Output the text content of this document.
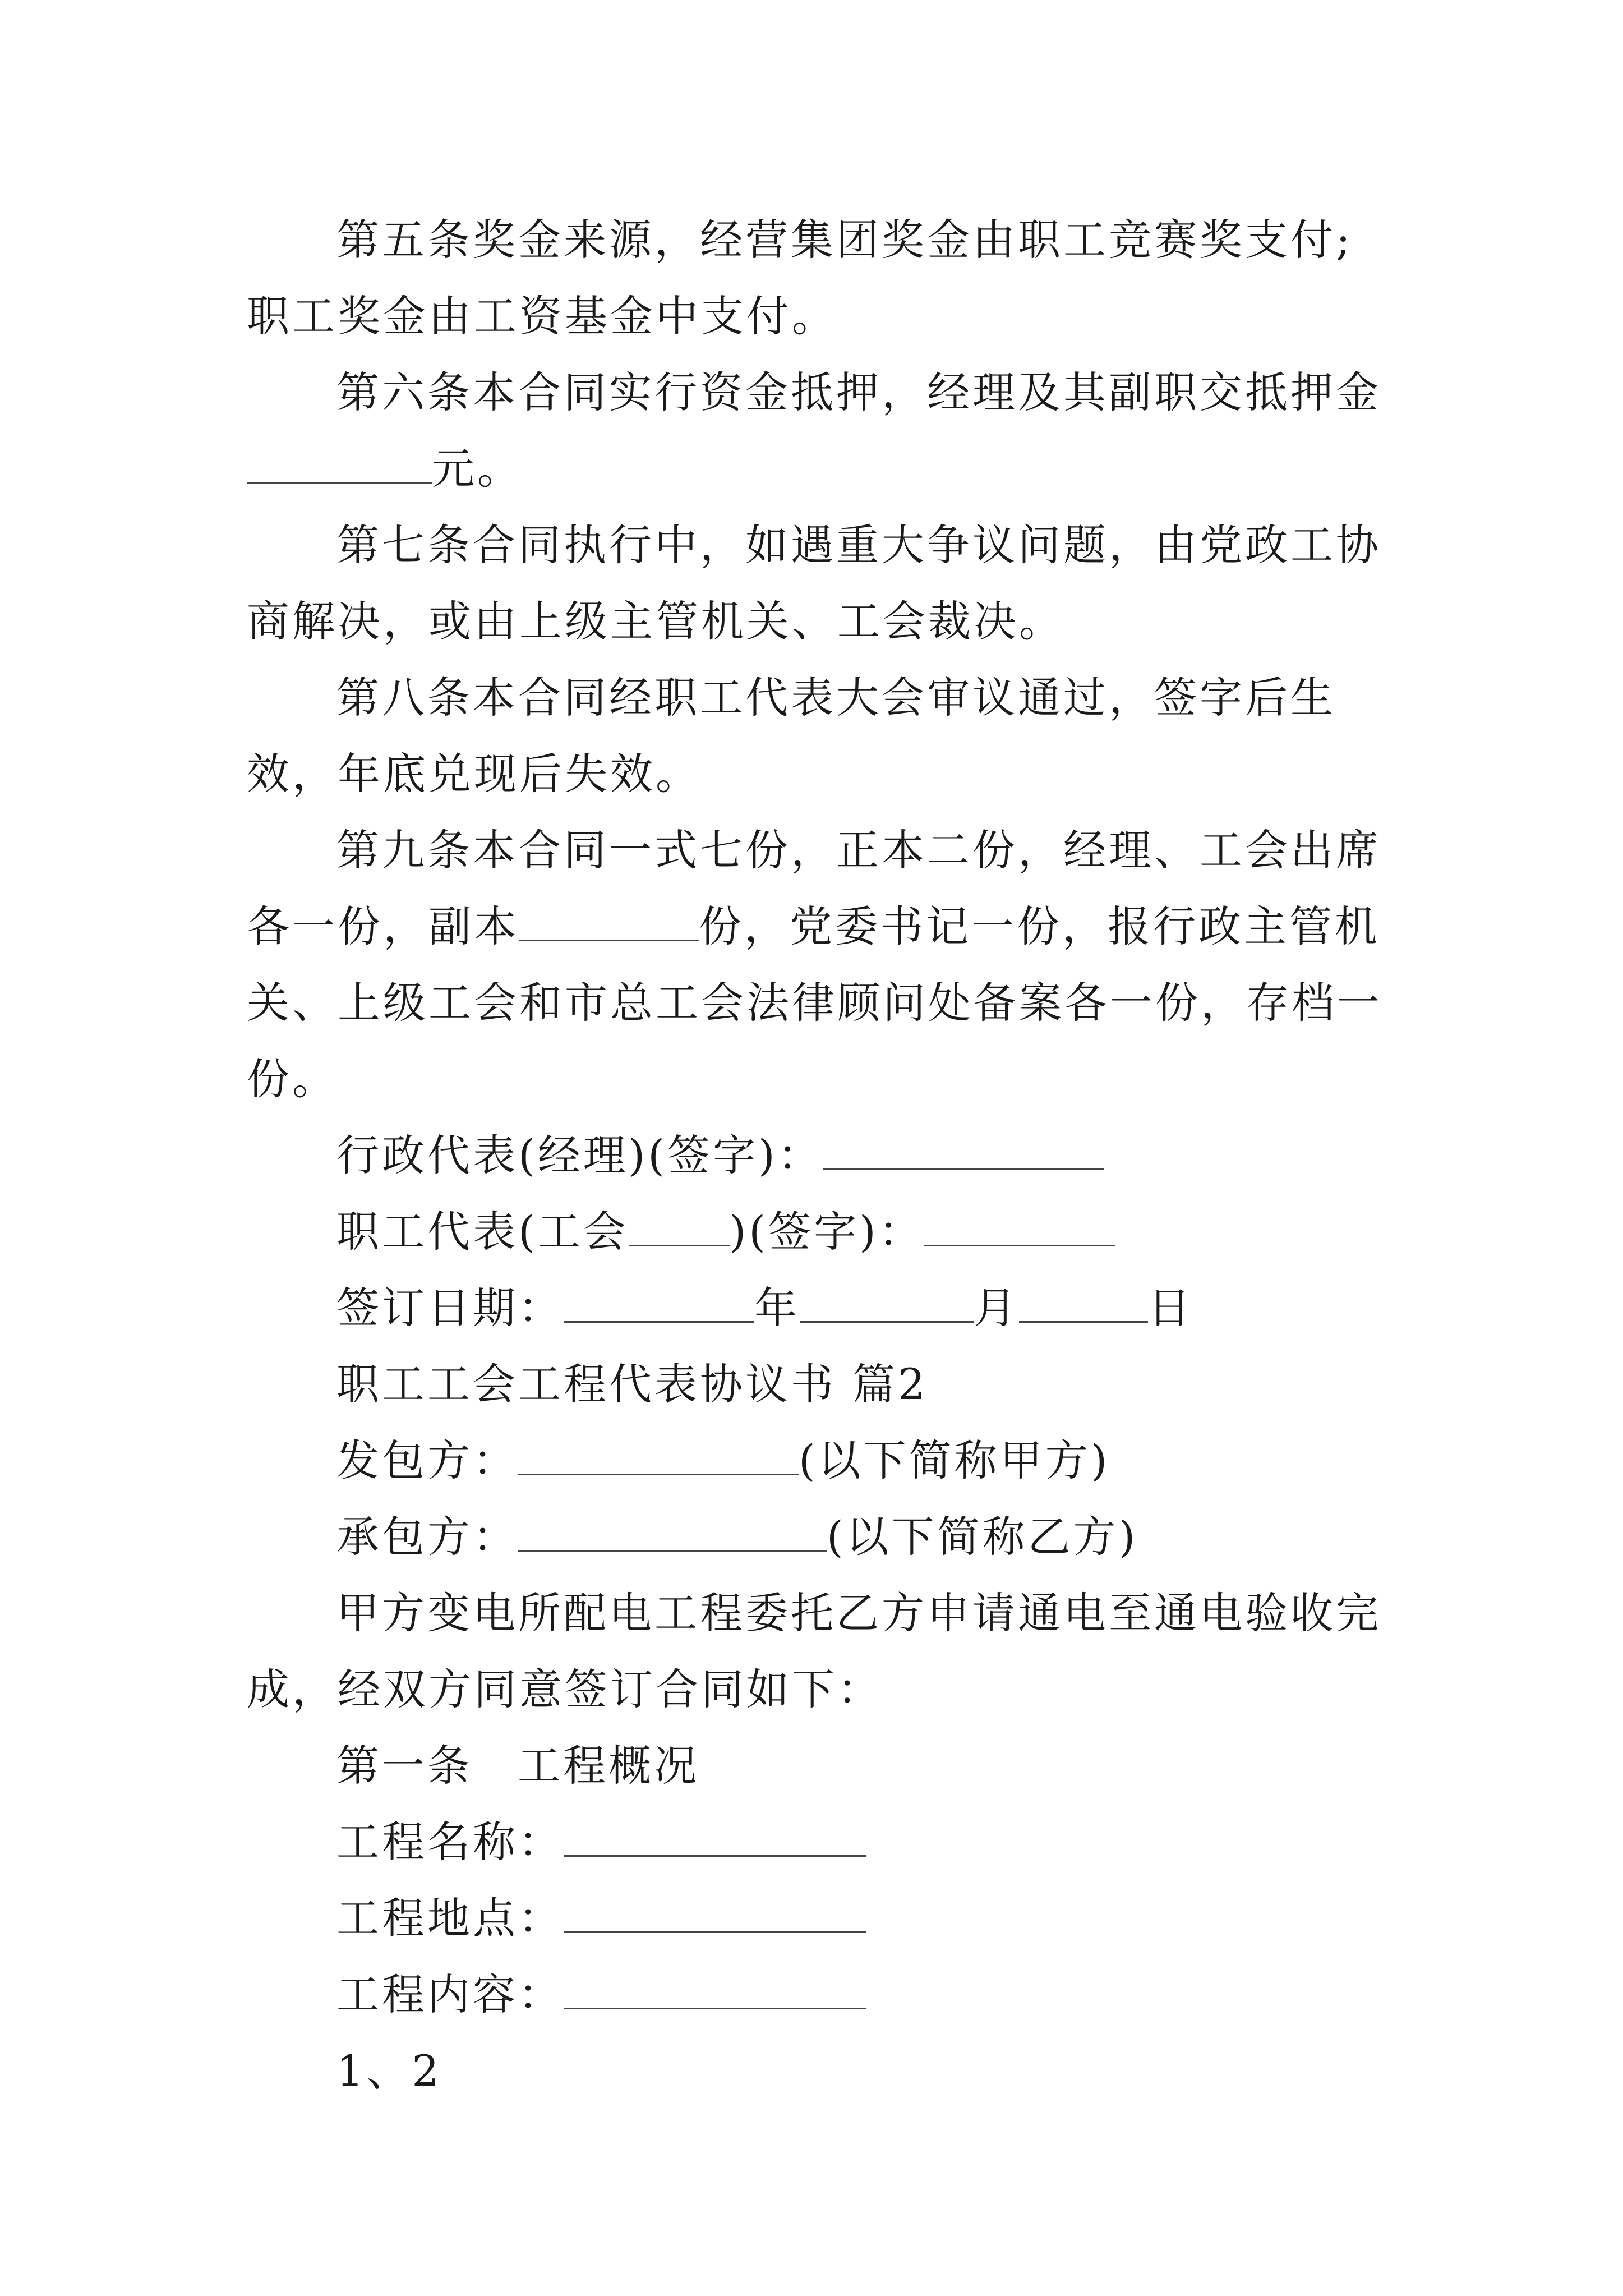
第五条奖金来源，经营集团奖金由职工竞赛奖支付;职工奖金由工资基金中支付。

第六条本合同实行资金抵押，经理及其副职交抵押金元。

第七条合同执行中，如遇重大争议问题，由党政工协商解决，或由上级主管机关、工会裁决。

第八条本合同经职工代表大会审议通过，签字后生效，年底兑现后失效。

第九条本合同一式七份，正本二份，经理、工会出席各一份，副本	份，党委书记一份，报行政主管机关、上级工会和市总工会法律顾问处备案各一份，存档一份。

行政代表(经理)(签字)：

职工代表(工会 )(签字)：

签订日期：	年	月	日

职工工会工程代表协议书 篇2

发包方：	(以下简称甲方)

承包方：	(以下简称乙方)

甲方变电所配电工程委托乙方申请通电至通电验收完成，经双方同意签订合同如下：

第一条 工程概况

工程名称：

工程地点：

工程内容：

1、2
